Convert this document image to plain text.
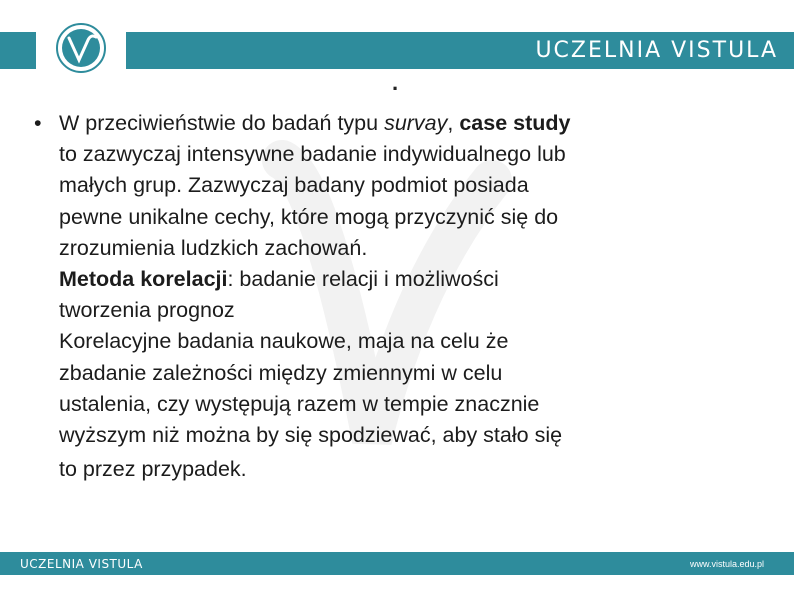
UCZELNIA VISTULA
.
• W przeciwieństwie do badań typu survay, case study
to zazwyczaj intensywne badanie indywidualnego lub
małych grup. Zazwyczaj badany podmiot posiada
pewne unikalne cechy, które mogą przyczynić się do
zrozumienia ludzkich zachowań.
Metoda korelacji: badanie relacji i możliwości
tworzenia prognoz
Korelacyjne badania naukowe, maja na celu że
zbadanie zależności między zmiennymi w celu
ustalenia, czy występują razem w tempie znacznie
wyższym niż można by się spodziewać, aby stało się
to przez przypadek.
UCZELNIA VISTULA	www.vistula.edu.pl
